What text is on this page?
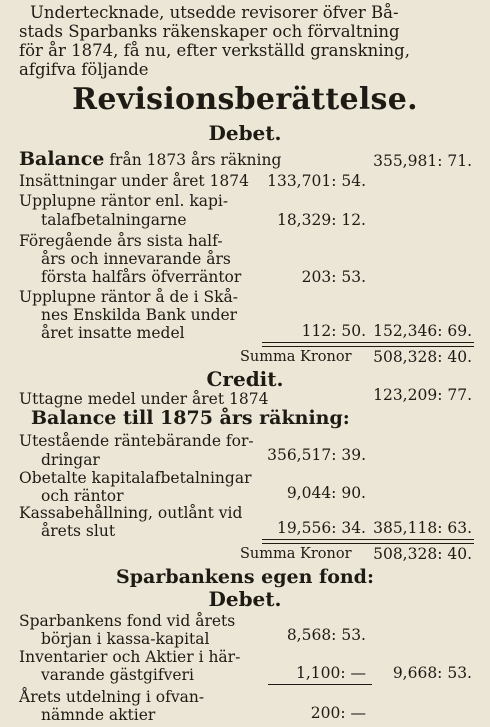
Undertecknade, utsedde revisorer öfver Bå-
stads Sparbanks räkenskaper och förvaltning
för år 1874, få nu, efter verkställd granskning,
afgifva följande
Revisionsberättelse.
Debet.
Balance från 1873 års räkning	355,981: 71.
Insättningar under året 1874 133,701: 54.
Upplupne räntor enl. kapi-
talafbetalningarne	18,329: 12.
Föregående års sista half-
års och innevarande års
första halfårs öfverräntor	203: 53.
Upplupne räntor å de i Skå-
nes Enskilda Bank under
året insatte medel	112: 50. 152,346: 69.
Summa Kronor 508,328: 40.
Credit.
Uttagne medel under året 1874	123,209: 77.
Balance till 1875 års räkning:
Utestående räntebärande for-
dringar	356,517: 39.
Obetalte kapitalafbetalningar
och räntor	9,044: 90.
Kassabehållning, outlånt vid
årets slut	19,556: 34. 385,118: 63.
Summa Kronor 508,328: 40.
Sparbankens egen fond:
Debet.
Sparbankens fond vid årets
början i kassa-kapital	8,568: 53.
Inventarier och Aktier i här-
varande gästgifveri	1,100: — 9,668: 53.
Årets utdelning i ofvan-
nämnde aktier	200: —
